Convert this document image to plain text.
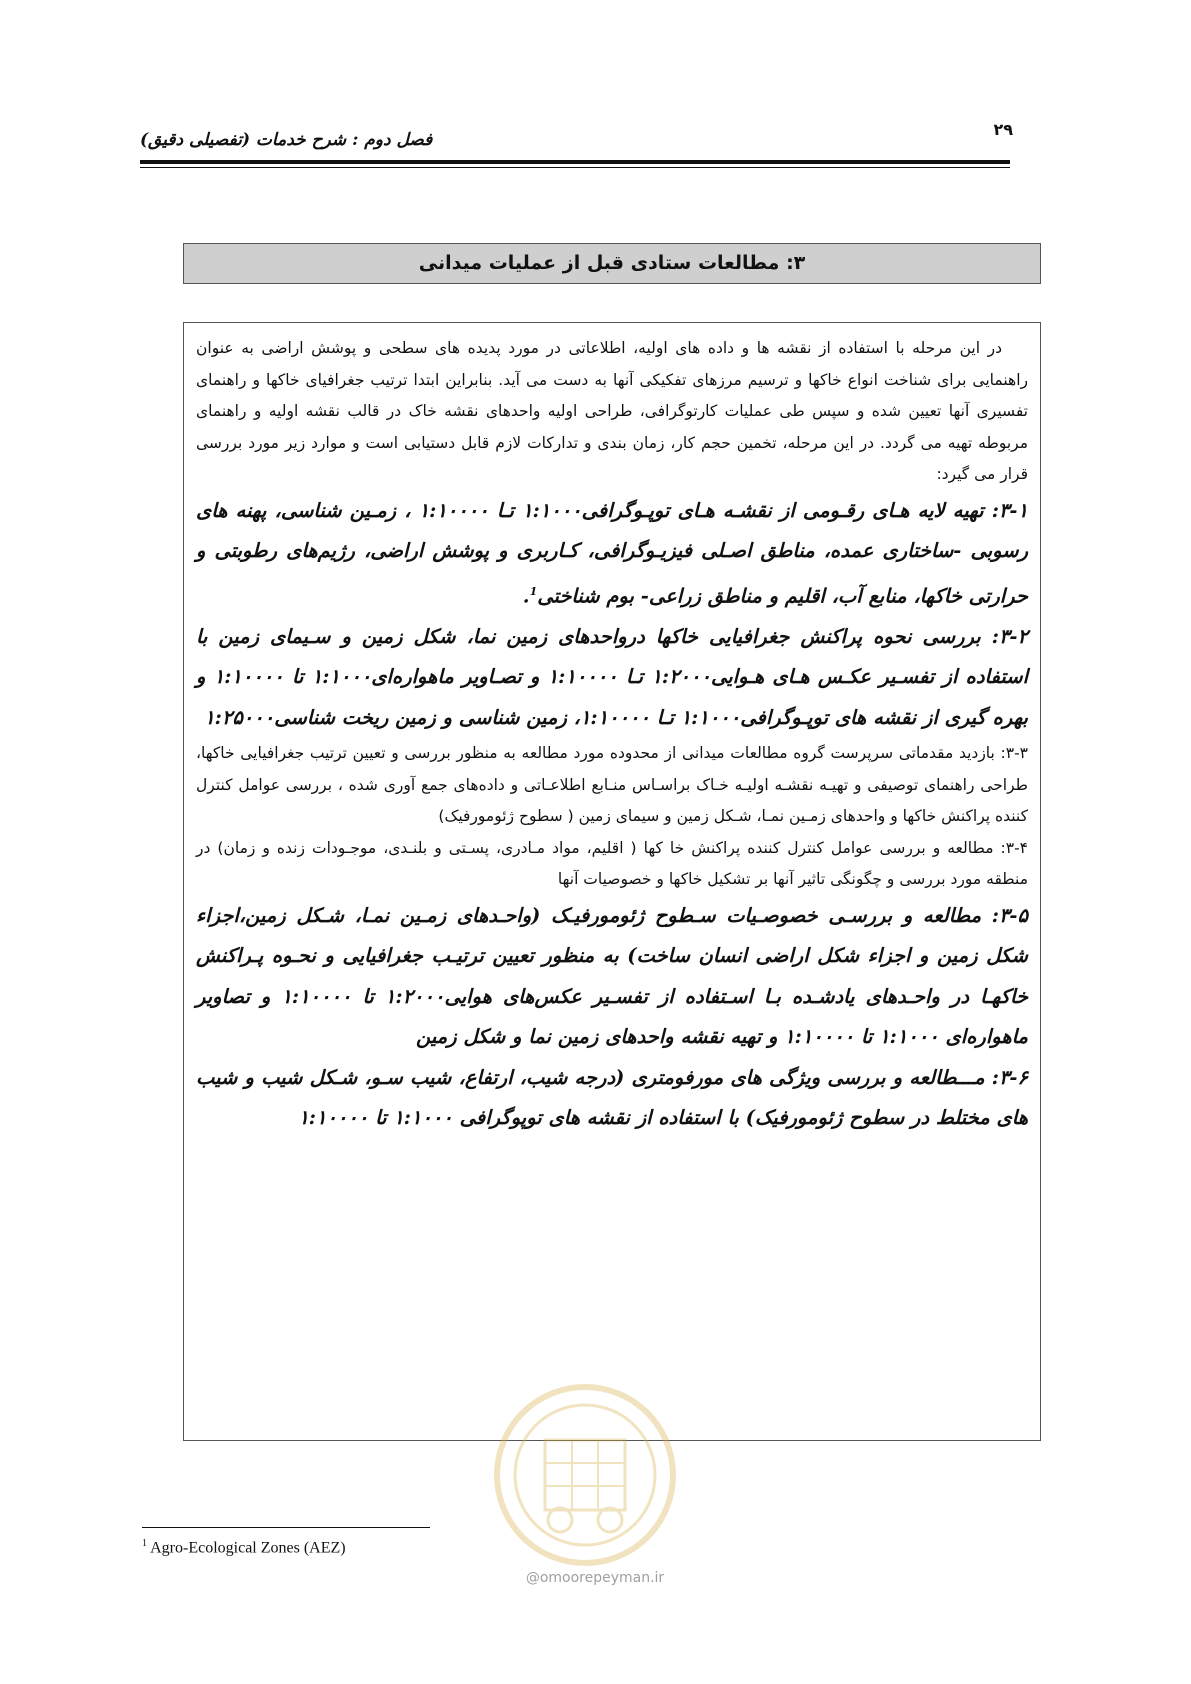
۲۹
فصل دوم : شرح خدمات (تفصیلی دقیق)
۳: مطالعات ستادی قبل از عملیات میدانی

در این مرحله با استفاده از نقشه ها و داده های اولیه، اطلاعاتی در مورد پدیده های سطحی و پوشش اراضی به عنوان راهنمایی برای شناخت انواع خاکها و ترسیم مرزهای تفکیکی آنها به دست می آید. بنابراین ابتدا ترتیب جغرافیای خاکها و راهنمای تفسیری آنها تعیین شده و سپس طی عملیات کارتوگرافی، طراحی اولیه واحدهای نقشه خاک در قالب نقشه اولیه و راهنمای مربوطه تهیه می گردد. در این مرحله، تخمین حجم کار، زمان بندی و تدارکات لازم قابل دستیابی است و موارد زیر مورد بررسی قرار می گیرد:

۳-۱: تهیه لایه هـای رقـومی از نقشـه هـای توپـوگرافی۱:۱۰۰۰ تـا ۱:۱۰۰۰۰ ، زمـین شناسی، پهنه های رسوبی -ساختاری عمده، مناطق اصـلی فیزیـوگرافی، کـاربری و پوشش اراضی، رژیم‌های رطوبتی و حرارتی خاکها، منابع آب، اقلیم و مناطق زراعی- بوم شناختی$^1$.

۳-۲: بررسی نحوه پراکنش جغرافیایی خاکها درواحدهای زمین نما، شکل زمین و سـیمای زمین با استفاده از تفسـیر عکـس هـای هـوایی۱:۲۰۰۰ تـا ۱:۱۰۰۰۰ و تصـاویر ماهواره‌ای۱:۱۰۰۰ تا ۱:۱۰۰۰۰ و بهره گیری از نقشه های توپـوگرافی۱:۱۰۰۰ تـا ۱:۱۰۰۰۰، زمین شناسی و زمین ریخت شناسی۱:۲۵۰۰۰

۳-۳: بازدید مقدماتی سرپرست گروه مطالعات میدانی از محدوده مورد مطالعه به منظور بررسی و تعیین ترتیب جغرافیایی خاکها، طراحی راهنمای توصیفی و تهیـه نقشـه اولیـه خـاک براسـاس منـابع اطلاعـاتی و داده‌های جمع آوری شده ، بررسی عوامل کنترل کننده پراکنش خاکها و واحدهای زمـین نمـا، شـکل زمین و سیمای زمین ( سطوح ژئومورفیک)

۳-۴: مطالعه و بررسی عوامل کنترل کننده پراکنش خا کها ( اقلیم، مواد مـادری، پسـتی و بلنـدی، موجـودات زنده و زمان) در منطقه مورد بررسی و چگونگی تاثیر آنها بر تشکیل خاکها و خصوصیات آنها

۳-۵: مطالعه و بررسـی خصوصـیات سـطوح ژئومورفیـک (واحـدهای زمـین نمـا، شـکل زمین،اجزاء شکل زمین و اجزاء شکل اراضی انسان ساخت) به منظور تعیین ترتیـب جغرافیایی و نحـوه پـراکنش خاکهـا در واحـدهای یادشـده بـا اسـتفاده از تفسـیر عکس‌های هوایی۱:۲۰۰۰ تا ۱:۱۰۰۰۰ و تصاویر ماهواره‌ای ۱:۱۰۰۰ تا ۱:۱۰۰۰۰ و تهیه نقشه واحدهای زمین نما و شکل زمین

۳-۶: مـــطالعه و بررسی ویژگی های مورفومتری (درجه شیب، ارتفاع، شیب سـو، شـکل شیب و شیب های مختلط در سطوح ژئومورفیک) با استفاده از نقشه های توپوگرافی ۱:۱۰۰۰ تا ۱:۱۰۰۰۰

@omoorepeyman.ir
$^1$ Agro-Ecological Zones (AEZ)
